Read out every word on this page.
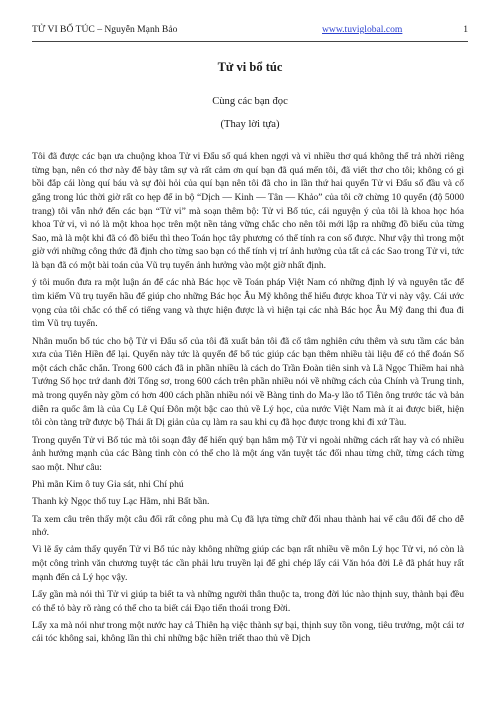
TỬ VI BỐ TÚC – Nguyễn Mạnh Bảo	www.tuviglobal.com	1
Tử vi bổ túc
Cùng các bạn đọc
(Thay lời tựa)

Tôi đã được các bạn ưa chuộng khoa Tử vi Đẩu số quá khen ngợi và vì nhiều thơ quá không thể trả nhời riêng từng bạn, nên có thơ này để bày tâm sự và rất cảm ơn quí bạn đã quá mến tôi, đã viết thơ cho tôi; không có gì bồi đắp cái lòng quí báu và sự đòi hỏi của quí bạn nên tôi đã cho in lần thứ hai quyển Tử vi Đẩu số đầu và cố gắng trong lúc thời giờ rất co hẹp để in bộ “Dịch — Kinh — Tân — Khảo” của tôi cỡ chừng 10 quyển (độ 5000 trang) tôi vẫn nhớ đến các bạn “Tử vi” mà soạn thêm bộ: Tử vi Bổ túc, cái nguyện ý của tôi là khoa học hóa khoa Tử vi, vì nó là một khoa học trên một nền tảng vững chắc cho nên tôi mới lập ra những đồ biểu của từng Sao, mà là một khi đã có đồ biểu thì theo Toán học tây phương có thể tính ra con số được. Như vậy thì trong một giờ với những công thức đã định cho từng sao bạn có thể tính vị trí ảnh hưởng của tất cả các Sao trong Tử vi, tức là bạn đã có một bài toán của Vũ trụ tuyến ảnh hưởng vào một giờ nhất định.

ý tôi muốn đưa ra một luận án để các nhà Bác học về Toán pháp Việt Nam có những định lý và nguyên tắc để tìm kiếm Vũ trụ tuyến hầu để giúp cho những Bác học Âu Mỹ không thể hiểu được khoa Tử vi này vậy. Cái ước vọng của tôi chắc có thể có tiếng vang và thực hiện được là vì hiện tại các nhà Bác học Âu Mỹ đang thi đua đi tìm Vũ trụ tuyến.

Nhân muốn bổ túc cho bộ Tử vi Đẩu số của tôi đã xuất bản tôi đã cố tâm nghiên cứu thêm và sưu tầm các bản xưa của Tiên Hiền để lại. Quyển này tức là quyển để bổ túc giúp các bạn thêm nhiều tài liệu để có thể đoán Số một cách chắc chắn. Trong 600 cách đã in phần nhiều là cách do Trần Đoàn tiên sinh và Lã Ngọc Thiềm hai nhà Tướng Số học trứ danh đời Tống sơ, trong 600 cách trên phần nhiều nói về những cách của Chính và Trung tinh, mà trong quyển này gồm có hơn 400 cách phần nhiều nói về Bàng tinh do Ma-y lão tổ Tiên ông trước tác và bản diễn ra quốc âm là của Cụ Lê Quí Đôn một bậc cao thủ về Lý học, của nước Việt Nam mà ít ai được biết, hiện tôi còn tàng trữ được bộ Thái ất Dị giản của cụ làm ra sau khi cụ đã học được trong khi đi xứ Tàu.

Trong quyển Tử vi Bổ túc mà tôi soạn đây để hiến quý bạn hâm mộ Tử vi ngoài những cách rất hay và có nhiều ảnh hưởng mạnh của các Bàng tinh còn có thể cho là một áng văn tuyệt tác đối nhau từng chữ, từng cách từng sao một. Như câu:

Phì mãn Kim ô tuy Gia sát, nhi Chí phú

Thanh kỳ Ngọc thố tuy Lạc Hãm, nhi Bất bần.

Ta xem câu trên thấy một câu đối rất công phu mà Cụ đã lựa từng chữ đối nhau thành hai vế câu đối để cho dễ nhớ.

Vì lẽ ấy cảm thấy quyển Tử vi Bổ túc này không những giúp các bạn rất nhiều về môn Lý học Tử vi, nó còn là một công trình văn chương tuyệt tác cần phải lưu truyền lại để ghi chép lấy cái Văn hóa đời Lê đã phát huy rất mạnh đến cả Lý học vậy.

Lấy gần mà nói thì Tử vi giúp ta biết ta và những người thân thuộc ta, trong đời lúc nào thịnh suy, thành bại đều có thể tỏ bày rõ ràng có thể cho ta biết cái Đạo tiến thoái trong Đời.

Lấy xa mà nói như trong một nước hay cả Thiên hạ việc thành sự bại, thịnh suy tồn vong, tiêu trưởng, một cái tơ cái tóc không sai, không lần thì chỉ những bậc hiền triết thao thủ về Dịch
